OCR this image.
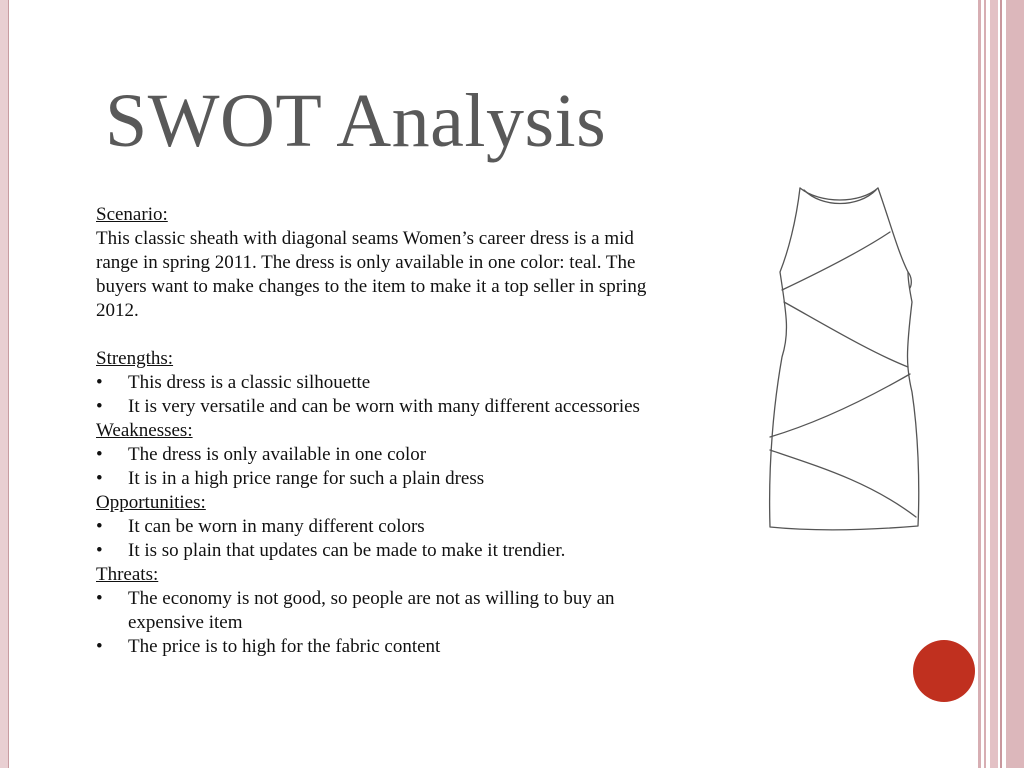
SWOT Analysis
Scenario:
This classic sheath with diagonal seams Women’s career dress is a mid range in spring 2011. The dress is only available in one color: teal. The buyers want to make changes to the item to make it a top seller in spring 2012.
Strengths:
•	This dress is a classic silhouette
•	It is very versatile and can be worn with many different accessories
Weaknesses:
•	The dress is only available in one color
•	It is in a high price range for such a plain dress
Opportunities:
•	It can be worn in many different colors
•	It is so plain that updates can be made to make it trendier.
Threats:
•	The economy is not good, so people are not as willing to buy an expensive item
•	The price is to high for the fabric content
